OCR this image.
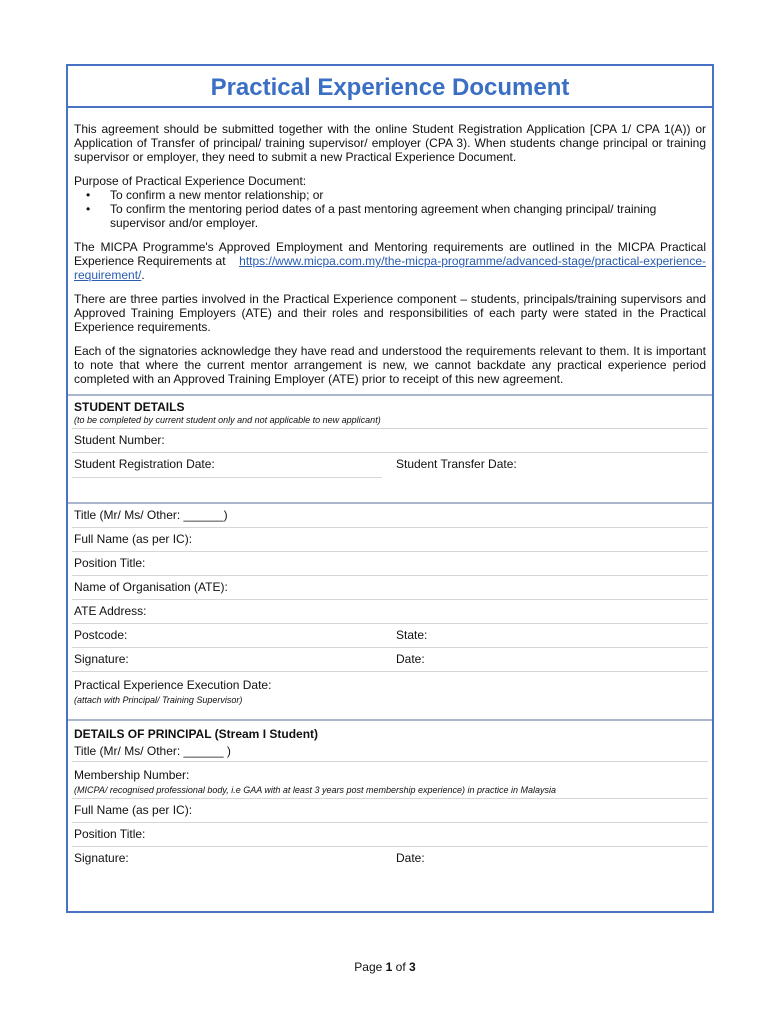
Practical Experience Document

This agreement should be submitted together with the online Student Registration Application [CPA 1/ CPA 1(A)) or Application of Transfer of principal/ training supervisor/ employer (CPA 3). When students change principal or training supervisor or employer, they need to submit a new Practical Experience Document.

Purpose of Practical Experience Document:

• To confirm a new mentor relationship; or
• To confirm the mentoring period dates of a past mentoring agreement when changing principal/ training supervisor and/or employer.

The MICPA Programme's Approved Employment and Mentoring requirements are outlined in the MICPA Practical Experience Requirements at https://www.micpa.com.my/the-micpa-programme/advanced-stage/practical-experience-requirement/.

There are three parties involved in the Practical Experience component – students, principals/training supervisors and Approved Training Employers (ATE) and their roles and responsibilities of each party were stated in the Practical Experience requirements.

Each of the signatories acknowledge they have read and understood the requirements relevant to them. It is important to note that where the current mentor arrangement is new, we cannot backdate any practical experience period completed with an Approved Training Employer (ATE) prior to receipt of this new agreement.

STUDENT DETAILS
(to be completed by current student only and not applicable to new applicant)
Student Number:
Student Registration Date:	Student Transfer Date:
Title (Mr/ Ms/ Other: ______)
Full Name (as per IC):
Position Title:
Name of Organisation (ATE):
ATE Address:
Postcode:	State:
Signature:	Date:
Practical Experience Execution Date:
(attach with Principal/ Training Supervisor)
DETAILS OF PRINCIPAL (Stream I Student)
Title (Mr/ Ms/ Other: ______ )
Membership Number:
(MICPA/ recognised professional body, i.e GAA with at least 3 years post membership experience) in practice in Malaysia
Full Name (as per IC):
Position Title:
Signature:	Date:
Page 1 of 3
